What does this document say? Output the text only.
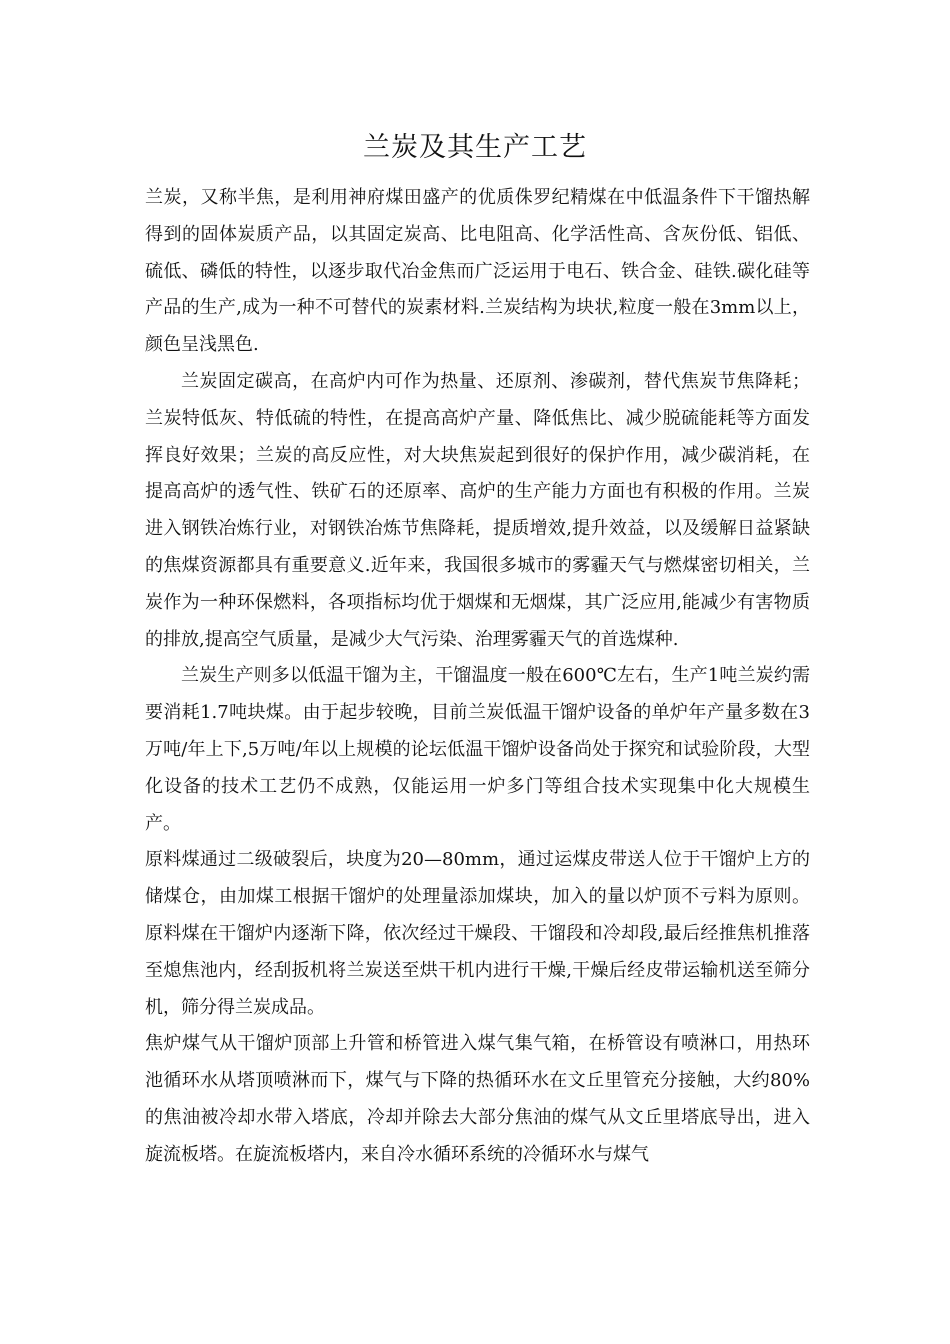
兰炭及其生产工艺

兰炭，又称半焦，是利用神府煤田盛产的优质侏罗纪精煤在中低温条件下干馏热解得到的固体炭质产品，以其固定炭高、比电阻高、化学活性高、含灰份低、铝低、硫低、磷低的特性，以逐步取代冶金焦而广泛运用于电石、铁合金、硅铁.碳化硅等产品的生产,成为一种不可替代的炭素材料.兰炭结构为块状,粒度一般在3mm以上，颜色呈浅黑色.

兰炭固定碳高，在高炉内可作为热量、还原剂、渗碳剂，替代焦炭节焦降耗；兰炭特低灰、特低硫的特性，在提高高炉产量、降低焦比、减少脱硫能耗等方面发挥良好效果；兰炭的高反应性，对大块焦炭起到很好的保护作用，减少碳消耗，在提高高炉的透气性、铁矿石的还原率、高炉的生产能力方面也有积极的作用。兰炭进入钢铁冶炼行业，对钢铁冶炼节焦降耗，提质增效,提升效益，以及缓解日益紧缺的焦煤资源都具有重要意义.近年来，我国很多城市的雾霾天气与燃煤密切相关，兰炭作为一种环保燃料，各项指标均优于烟煤和无烟煤，其广泛应用,能减少有害物质的排放,提高空气质量，是减少大气污染、治理雾霾天气的首选煤种.

兰炭生产则多以低温干馏为主，干馏温度一般在600℃左右，生产1吨兰炭约需要消耗1.7吨块煤。由于起步较晚，目前兰炭低温干馏炉设备的单炉年产量多数在3万吨/年上下,5万吨/年以上规模的论坛低温干馏炉设备尚处于探究和试验阶段，大型化设备的技术工艺仍不成熟，仅能运用一炉多门等组合技术实现集中化大规模生产。

原料煤通过二级破裂后，块度为20—80mm，通过运煤皮带送人位于干馏炉上方的储煤仓，由加煤工根据干馏炉的处理量添加煤块，加入的量以炉顶不亏料为原则。原料煤在干馏炉内逐渐下降，依次经过干燥段、干馏段和冷却段,最后经推焦机推落至熄焦池内，经刮扳机将兰炭送至烘干机内进行干燥,干燥后经皮带运输机送至筛分机，筛分得兰炭成品。

焦炉煤气从干馏炉顶部上升管和桥管进入煤气集气箱，在桥管设有喷淋口，用热环池循环水从塔顶喷淋而下，煤气与下降的热循环水在文丘里管充分接触，大约80%的焦油被冷却水带入塔底，冷却并除去大部分焦油的煤气从文丘里塔底导出，进入旋流板塔。在旋流板塔内，来自冷水循环系统的冷循环水与煤气
